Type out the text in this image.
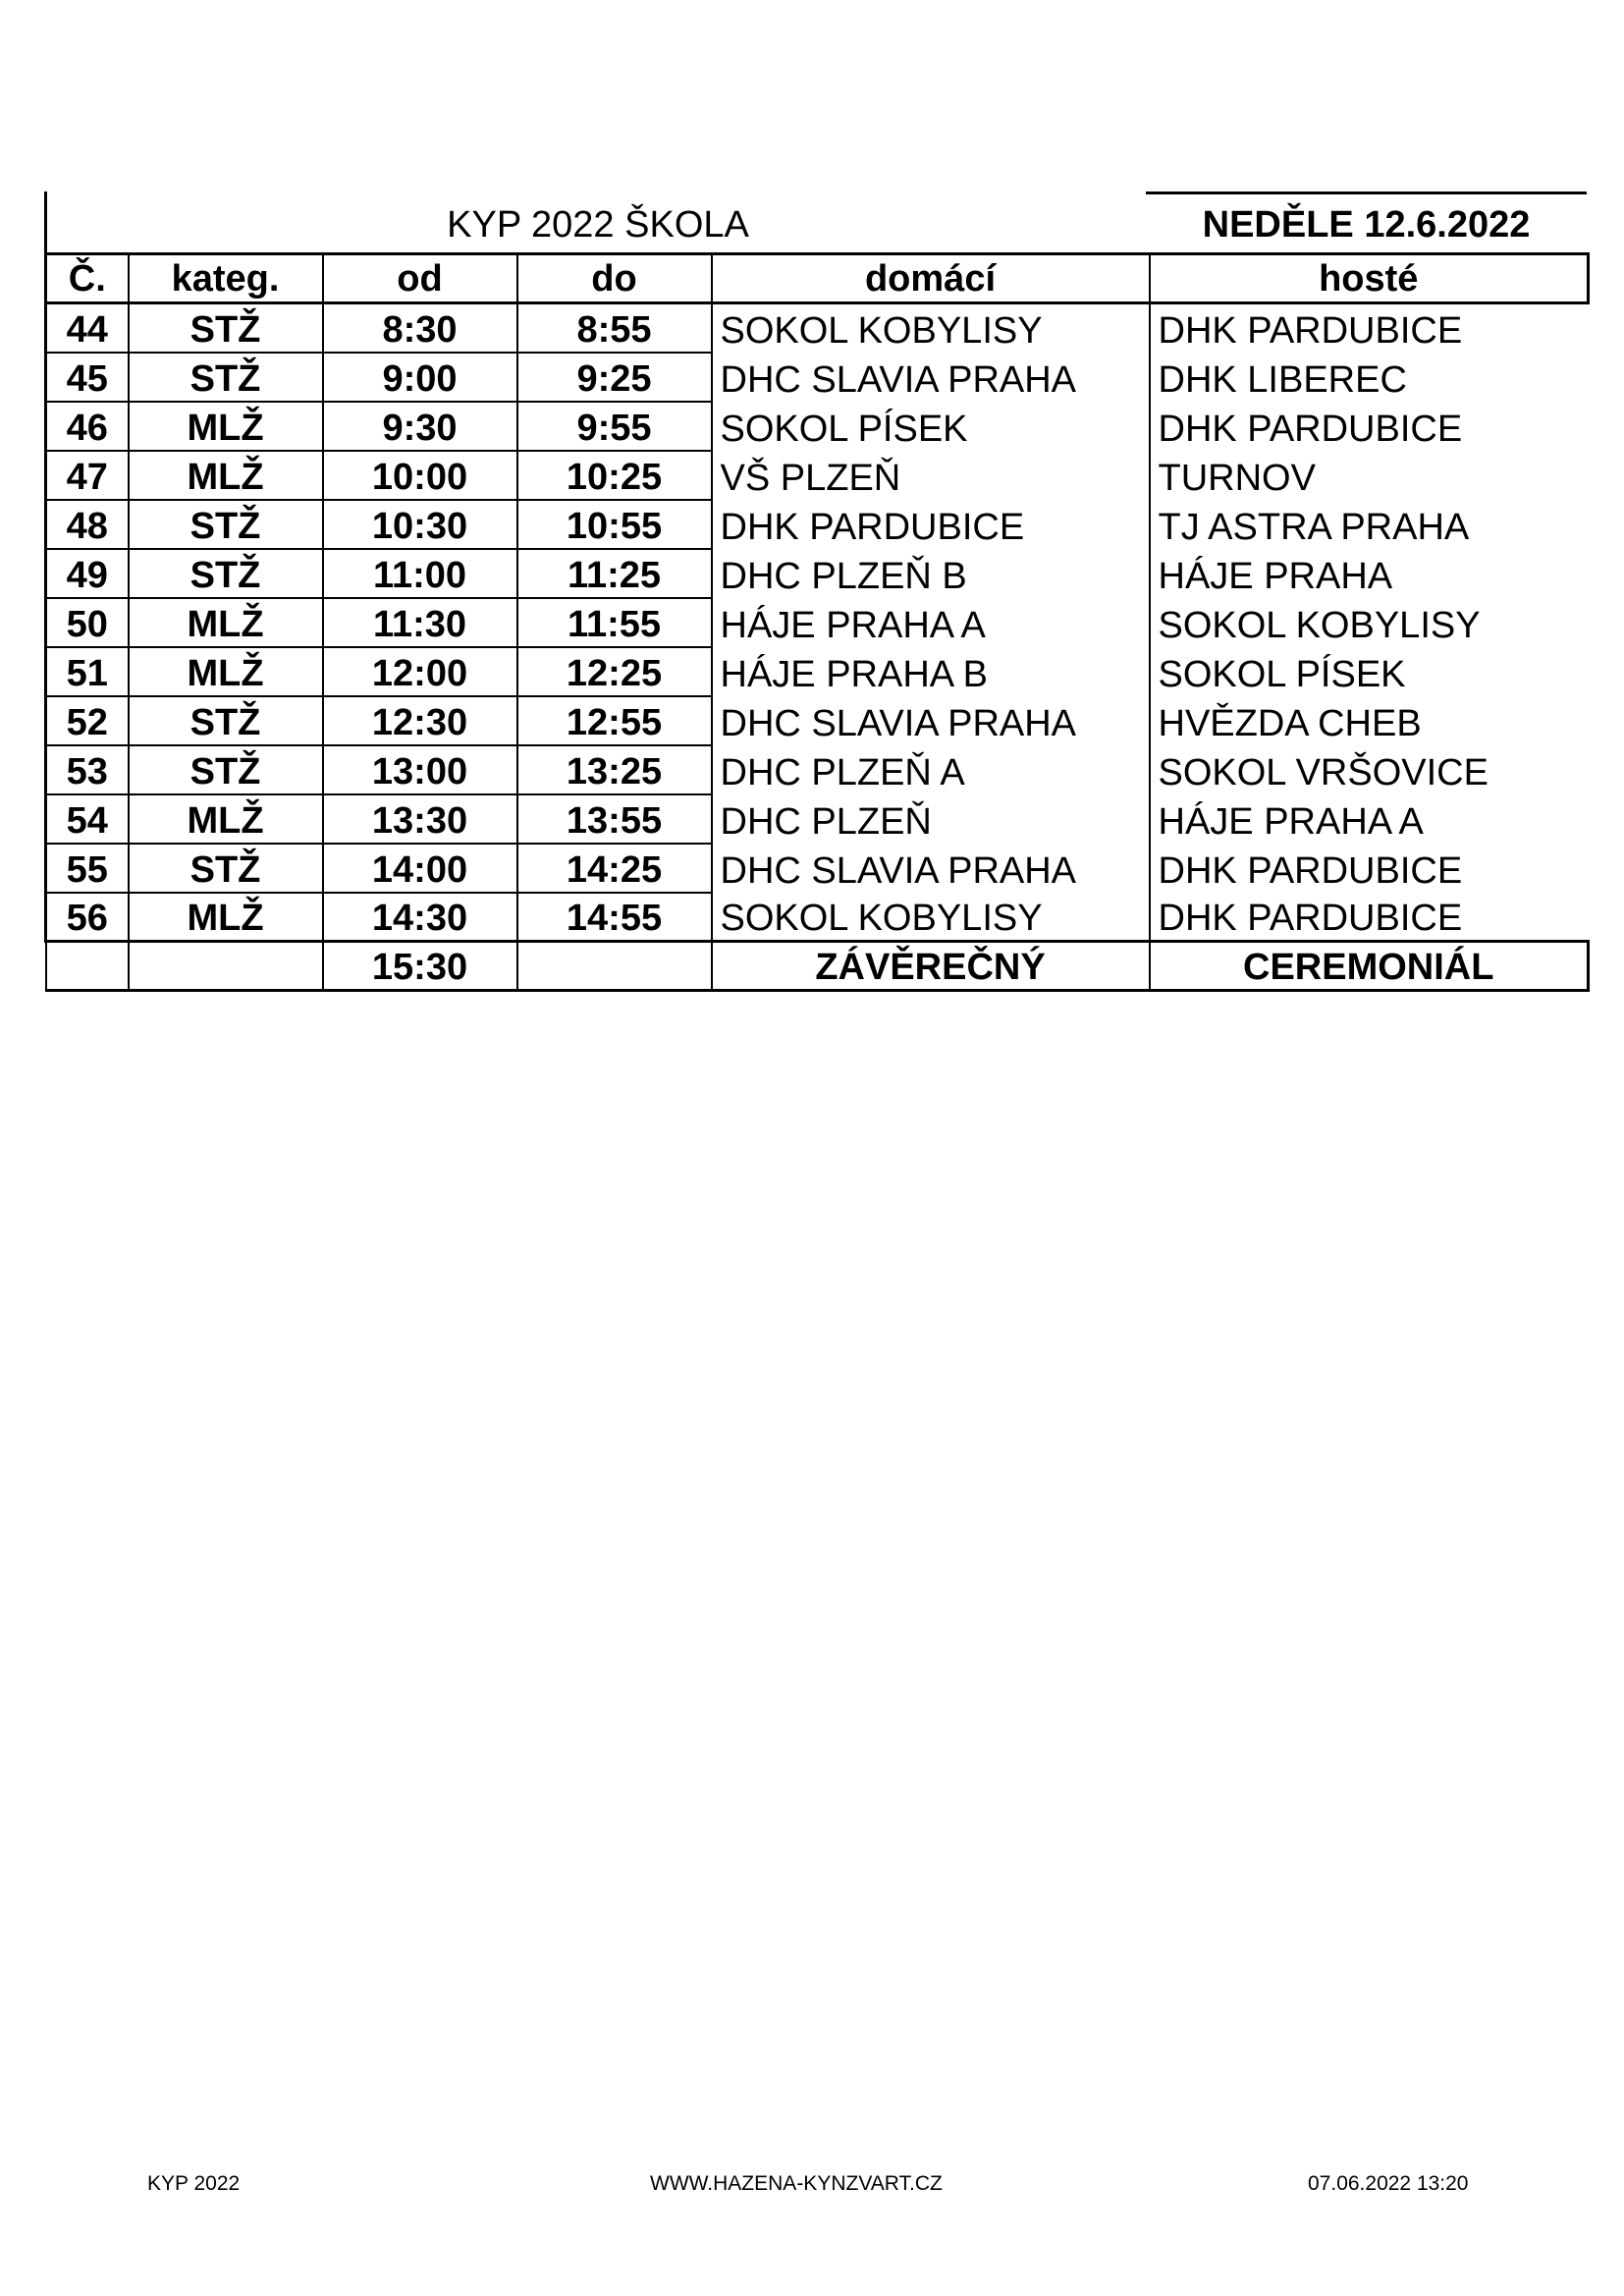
KYP 2022 ŠKOLA	NEDĚLE 12.6.2022
Č.	kateg.	od	do	domácí	hosté
44	STŽ	8:30	8:55	SOKOL KOBYLISY	DHK PARDUBICE
45	STŽ	9:00	9:25	DHC SLAVIA PRAHA	DHK LIBEREC
46	MLŽ	9:30	9:55	SOKOL PÍSEK	DHK PARDUBICE
47	MLŽ	10:00	10:25	VŠ PLZEŇ	TURNOV
48	STŽ	10:30	10:55	DHK PARDUBICE	TJ ASTRA PRAHA
49	STŽ	11:00	11:25	DHC PLZEŇ B	HÁJE PRAHA
50	MLŽ	11:30	11:55	HÁJE PRAHA A	SOKOL KOBYLISY
51	MLŽ	12:00	12:25	HÁJE PRAHA B	SOKOL PÍSEK
52	STŽ	12:30	12:55	DHC SLAVIA PRAHA	HVĚZDA CHEB
53	STŽ	13:00	13:25	DHC PLZEŇ A	SOKOL VRŠOVICE
54	MLŽ	13:30	13:55	DHC PLZEŇ	HÁJE PRAHA A
55	STŽ	14:00	14:25	DHC SLAVIA PRAHA	DHK PARDUBICE
56	MLŽ	14:30	14:55	SOKOL KOBYLISY	DHK PARDUBICE
		15:30		ZÁVĚREČNÝ	CEREMONIÁL
KYP 2022	WWW.HAZENA-KYNZVART.CZ	07.06.2022 13:20
